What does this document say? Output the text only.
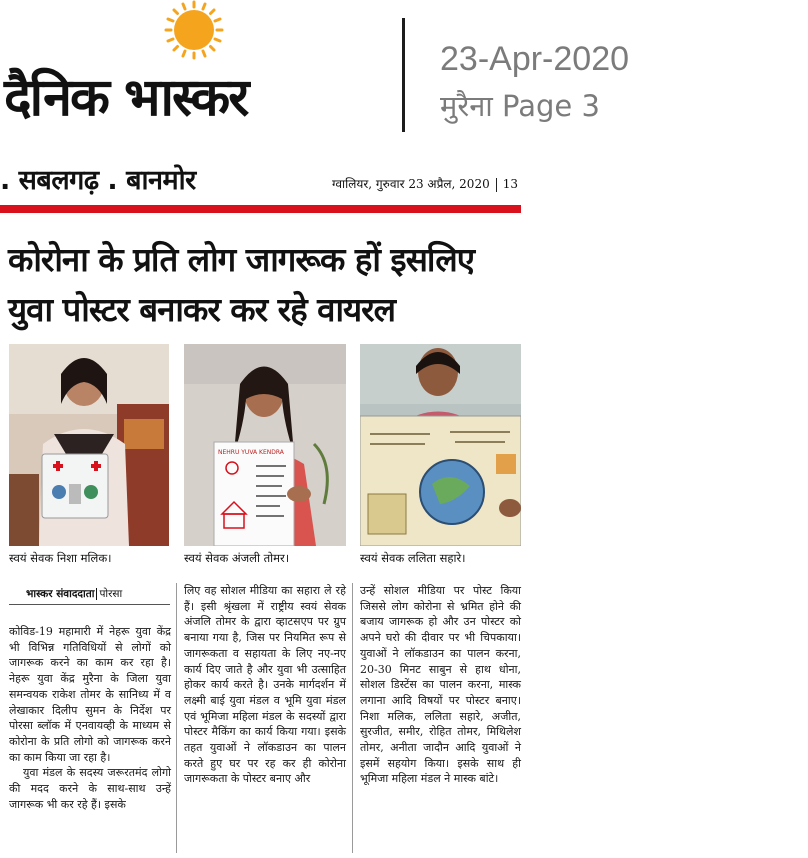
दैनिक भास्कर
23-Apr-2020
मुरैना Page 3
. सबलगढ़ . बानमोर	ग्वालियर, गुरुवार 23 अप्रैल, 2020 13
कोरोना के प्रति लोग जागरूक हों इसलिए
युवा पोस्टर बनाकर कर रहे वायरल
स्वयं सेवक निशा मलिक।
NEHRU YUVA KENDRA
स्वयं सेवक अंजली तोमर।	स्वयं सेवक ललिता सहारे।
भास्कर संवाददाता पोरसा

कोविड-19 महामारी में नेहरू युवा केंद्र भी विभिन्न गतिविधियों से लोगों को जागरूक करने का काम कर रहा है। नेहरू युवा केंद्र मुरैना के जिला युवा समन्वयक राकेश तोमर के सानिध्य में व लेखाकार दिलीप सुमन के निर्देश पर पोरसा ब्लॉक में एनवायव्ही के माध्यम से कोरोना के प्रति लोगो को जागरूक करने का काम किया जा रहा है।

युवा मंडल के सदस्य जरूरतमंद लोगो की मदद करने के साथ-साथ उन्हें जागरूक भी कर रहे हैं। इसके

लिए वह सोशल मीडिया का सहारा ले रहे हैं। इसी श्रृंखला में राष्ट्रीय स्वयं सेवक अंजलि तोमर के द्वारा व्हाटसएप पर ग्रुप बनाया गया है, जिस पर नियमित रूप से जागरूकता व सहायता के लिए नए-नए कार्य दिए जाते है और युवा भी उत्साहित होकर कार्य करते है। उनके मार्गदर्शन में लक्ष्मी बाई युवा मंडल व भूमि युवा मंडल एवं भूमिजा महिला मंडल के सदस्यों द्वारा पोस्टर मैकिंग का कार्य किया गया। इसके तहत युवाओं ने लॉकडाउन का पालन करते हुए घर पर रह कर ही कोरोना जागरूकता के पोस्टर बनाए और

उन्हें सोशल मीडिया पर पोस्ट किया जिससे लोग कोरोना से भ्रमित होने की बजाय जागरूक हो और उन पोस्टर को अपने घरो की दीवार पर भी चिपकाया। युवाओं ने लॉकडाउन का पालन करना, 20-30 मिनट साबुन से हाथ धोना, सोशल डिस्टेंस का पालन करना, मास्क लगाना आदि विषयों पर पोस्टर बनाए। निशा मलिक, ललिता सहारे, अजीत, सुरजीत, समीर, रोहित तोमर, मिथिलेश तोमर, अनीता जादौन आदि युवाओं ने इसमें सहयोग किया। इसके साथ ही भूमिजा महिला मंडल ने मास्क बांटे।
